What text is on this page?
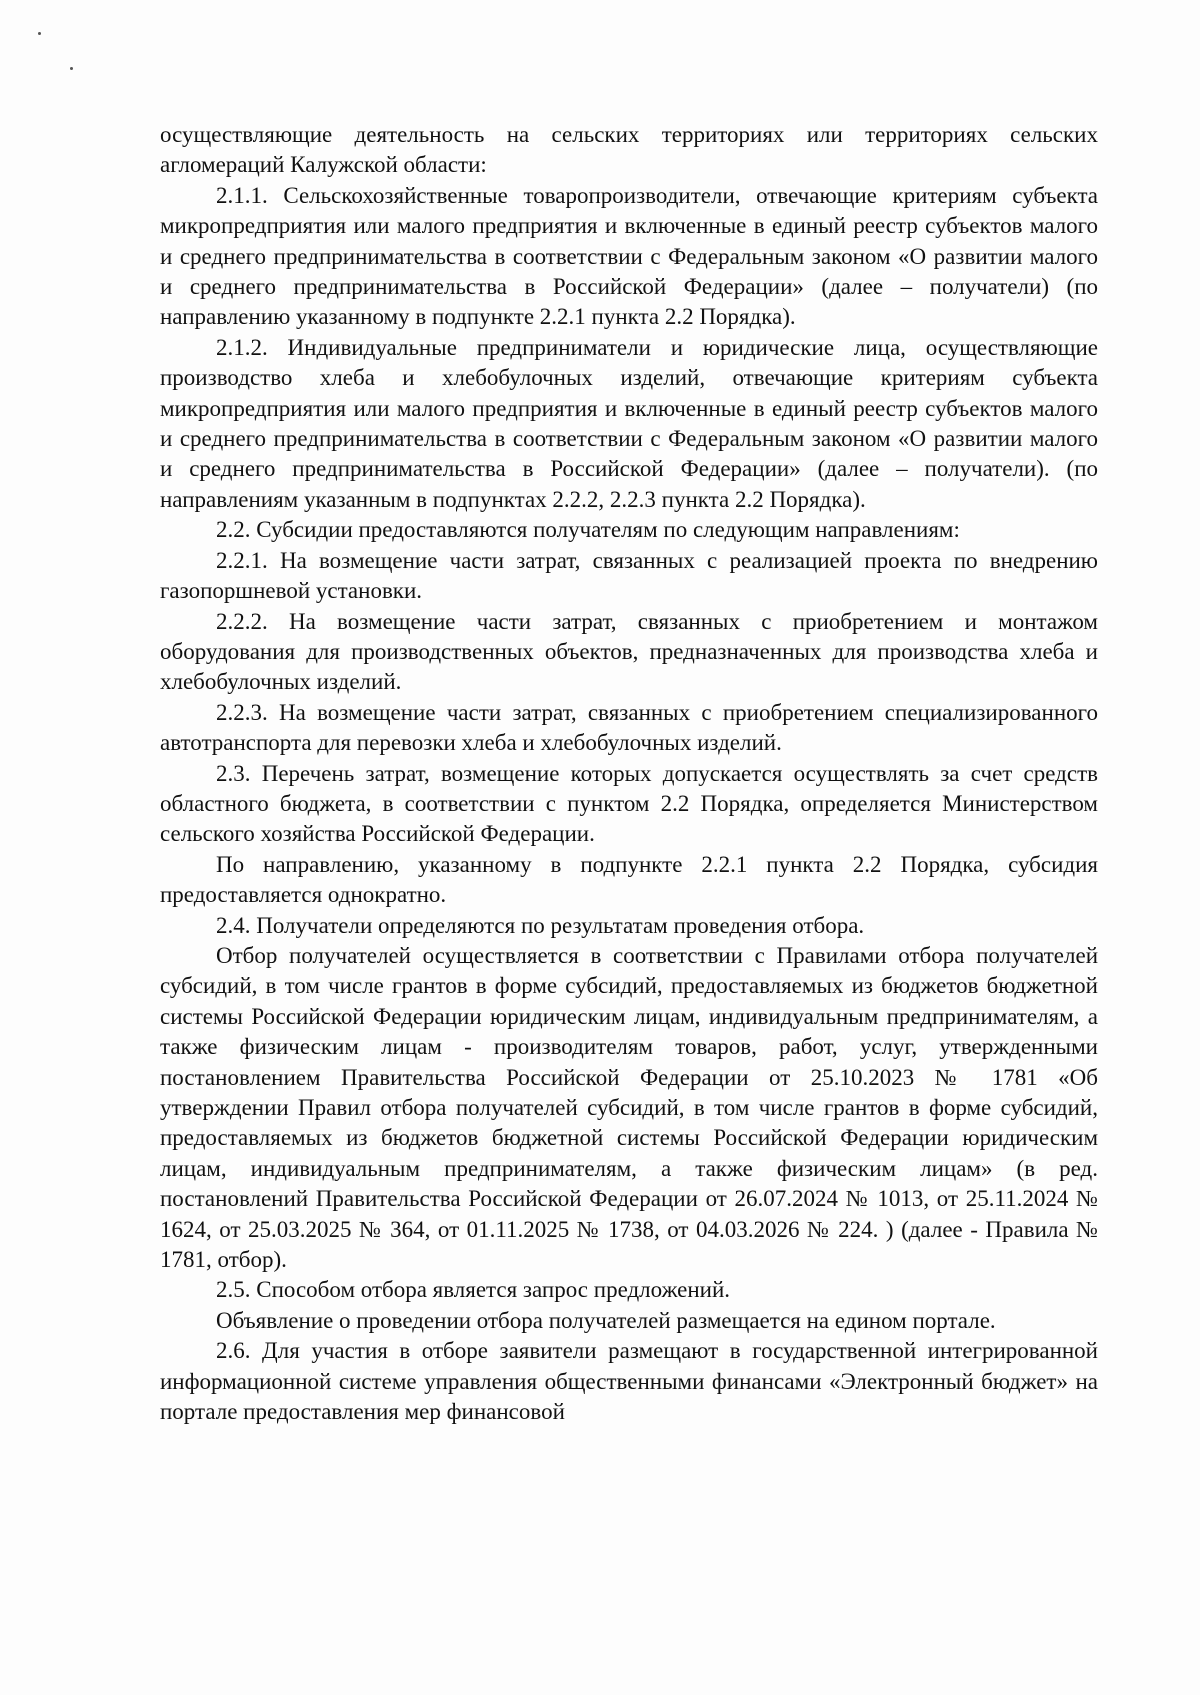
осуществляющие деятельность на сельских территориях или территориях сельских агломераций Калужской области:

2.1.1. Сельскохозяйственные товаропроизводители, отвечающие критериям субъекта микропредприятия или малого предприятия и включенные в единый реестр субъектов малого и среднего предпринимательства в соответствии с Федеральным законом «О развитии малого и среднего предпринимательства в Российской Федерации» (далее – получатели) (по направлению указанному в подпункте 2.2.1 пункта 2.2 Порядка).

2.1.2. Индивидуальные предприниматели и юридические лица, осуществляющие производство хлеба и хлебобулочных изделий, отвечающие критериям субъекта микропредприятия или малого предприятия и включенные в единый реестр субъектов малого и среднего предпринимательства в соответствии с Федеральным законом «О развитии малого и среднего предпринимательства в Российской Федерации» (далее – получатели). (по направлениям указанным в подпунктах 2.2.2, 2.2.3 пункта 2.2 Порядка).

2.2. Субсидии предоставляются получателям по следующим направлениям:

2.2.1. На возмещение части затрат, связанных с реализацией проекта по внедрению газопоршневой установки.

2.2.2. На возмещение части затрат, связанных с приобретением и монтажом оборудования для производственных объектов, предназначенных для производства хлеба и хлебобулочных изделий.

2.2.3. На возмещение части затрат, связанных с приобретением специализированного автотранспорта для перевозки хлеба и хлебобулочных изделий.

2.3. Перечень затрат, возмещение которых допускается осуществлять за счет средств областного бюджета, в соответствии с пунктом 2.2 Порядка, определяется Министерством сельского хозяйства Российской Федерации.

По направлению, указанному в подпункте 2.2.1 пункта 2.2 Порядка, субсидия предоставляется однократно.

2.4. Получатели определяются по результатам проведения отбора.

Отбор получателей осуществляется в соответствии с Правилами отбора получателей субсидий, в том числе грантов в форме субсидий, предоставляемых из бюджетов бюджетной системы Российской Федерации юридическим лицам, индивидуальным предпринимателям, а также физическим лицам - производителям товаров, работ, услуг, утвержденными постановлением Правительства Российской Федерации от 25.10.2023 № 1781 «Об утверждении Правил отбора получателей субсидий, в том числе грантов в форме субсидий, предоставляемых из бюджетов бюджетной системы Российской Федерации юридическим лицам, индивидуальным предпринимателям, а также физическим лицам» (в ред. постановлений Правительства Российской Федерации от 26.07.2024 № 1013, от 25.11.2024 № 1624, от 25.03.2025 № 364, от 01.11.2025 № 1738, от 04.03.2026 № 224. ) (далее - Правила № 1781, отбор).

2.5. Способом отбора является запрос предложений.

Объявление о проведении отбора получателей размещается на едином портале.

2.6. Для участия в отборе заявители размещают в государственной интегрированной информационной системе управления общественными финансами «Электронный бюджет» на портале предоставления мер финансовой
